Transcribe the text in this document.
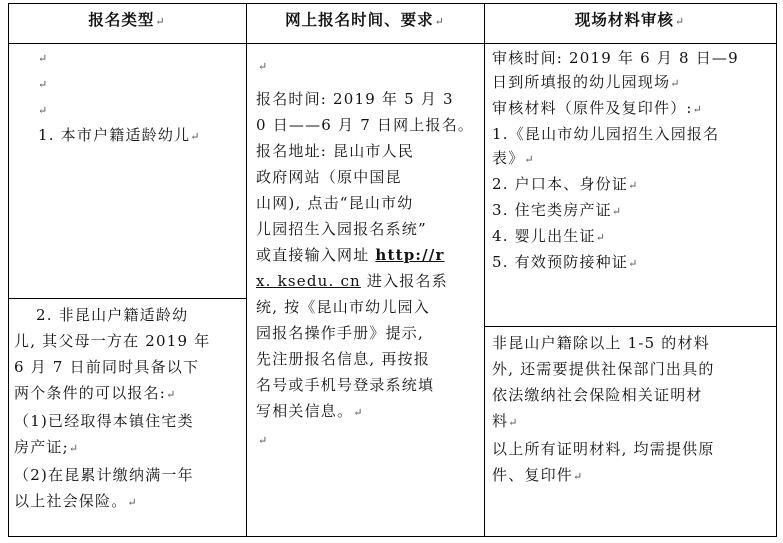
报名类型↵	网上报名时间、要求↵	现场材料审核↵
↵
↵
↵

1. 本市户籍适龄幼儿↵

2. 非昆山户籍适龄幼

儿, 其父母一方在 2019 年

6 月 7 日前同时具备以下

两个条件的可以报名:↵

（1)已经取得本镇住宅类

房产证;↵

（2)在昆累计缴纳满一年

以上社会保险。↵

↵

报名时间: 2019 年 5 月 3

0 日——6 月 7 日网上报名。

报名地址: 昆山市人民

政府网站（原中国昆

山网), 点击“昆山市幼

儿园招生入园报名系统”

或直接输入网址 http://r

x. ksedu. cn 进入报名系

统, 按《昆山市幼儿园入

园报名操作手册》提示,

先注册报名信息, 再按报

名号或手机号登录系统填

写相关信息。↵

↵

审核时间: 2019 年 6 月 8 日—9

日到所填报的幼儿园现场↵

审核材料（原件及复印件）:↵

1.《昆山市幼儿园招生入园报名

表》↵

2. 户口本、身份证↵

3. 住宅类房产证↵

4. 婴儿出生证↵

5. 有效预防接种证↵

非昆山户籍除以上 1-5 的材料

外, 还需要提供社保部门出具的

依法缴纳社会保险相关证明材

料↵

以上所有证明材料, 均需提供原

件、复印件↵
